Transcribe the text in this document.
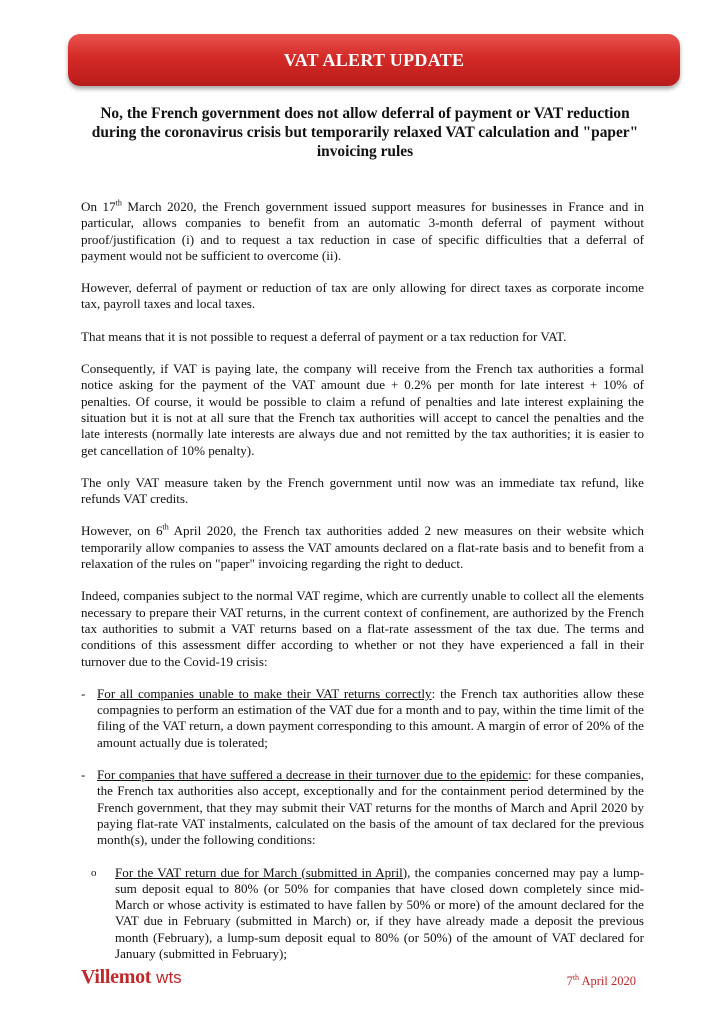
VAT ALERT UPDATE
No, the French government does not allow deferral of payment or VAT reduction during the coronavirus crisis but temporarily relaxed VAT calculation and "paper" invoicing rules

On 17th March 2020, the French government issued support measures for businesses in France and in particular, allows companies to benefit from an automatic 3-month deferral of payment without proof/justification (i) and to request a tax reduction in case of specific difficulties that a deferral of payment would not be sufficient to overcome (ii).

However, deferral of payment or reduction of tax are only allowing for direct taxes as corporate income tax, payroll taxes and local taxes.

That means that it is not possible to request a deferral of payment or a tax reduction for VAT.

Consequently, if VAT is paying late, the company will receive from the French tax authorities a formal notice asking for the payment of the VAT amount due + 0.2% per month for late interest + 10% of penalties. Of course, it would be possible to claim a refund of penalties and late interest explaining the situation but it is not at all sure that the French tax authorities will accept to cancel the penalties and the late interests (normally late interests are always due and not remitted by the tax authorities; it is easier to get cancellation of 10% penalty).

The only VAT measure taken by the French government until now was an immediate tax refund, like refunds VAT credits.

However, on 6th April 2020, the French tax authorities added 2 new measures on their website which temporarily allow companies to assess the VAT amounts declared on a flat-rate basis and to benefit from a relaxation of the rules on "paper" invoicing regarding the right to deduct.

Indeed, companies subject to the normal VAT regime, which are currently unable to collect all the elements necessary to prepare their VAT returns, in the current context of confinement, are authorized by the French tax authorities to submit a VAT returns based on a flat-rate assessment of the tax due. The terms and conditions of this assessment differ according to whether or not they have experienced a fall in their turnover due to the Covid-19 crisis:

- For all companies unable to make their VAT returns correctly: the French tax authorities allow these compagnies to perform an estimation of the VAT due for a month and to pay, within the time limit of the filing of the VAT return, a down payment corresponding to this amount. A margin of error of 20% of the amount actually due is tolerated;
- For companies that have suffered a decrease in their turnover due to the epidemic: for these companies, the French tax authorities also accept, exceptionally and for the containment period determined by the French government, that they may submit their VAT returns for the months of March and April 2020 by paying flat-rate VAT instalments, calculated on the basis of the amount of tax declared for the previous month(s), under the following conditions:
o For the VAT return due for March (submitted in April), the companies concerned may pay a lump-sum deposit equal to 80% (or 50% for companies that have closed down completely since mid-March or whose activity is estimated to have fallen by 50% or more) of the amount declared for the VAT due in February (submitted in March) or, if they have already made a deposit the previous month (February), a lump-sum deposit equal to 80% (or 50%) of the amount of VAT declared for January (submitted in February);
Villemot wts	7th April 2020
